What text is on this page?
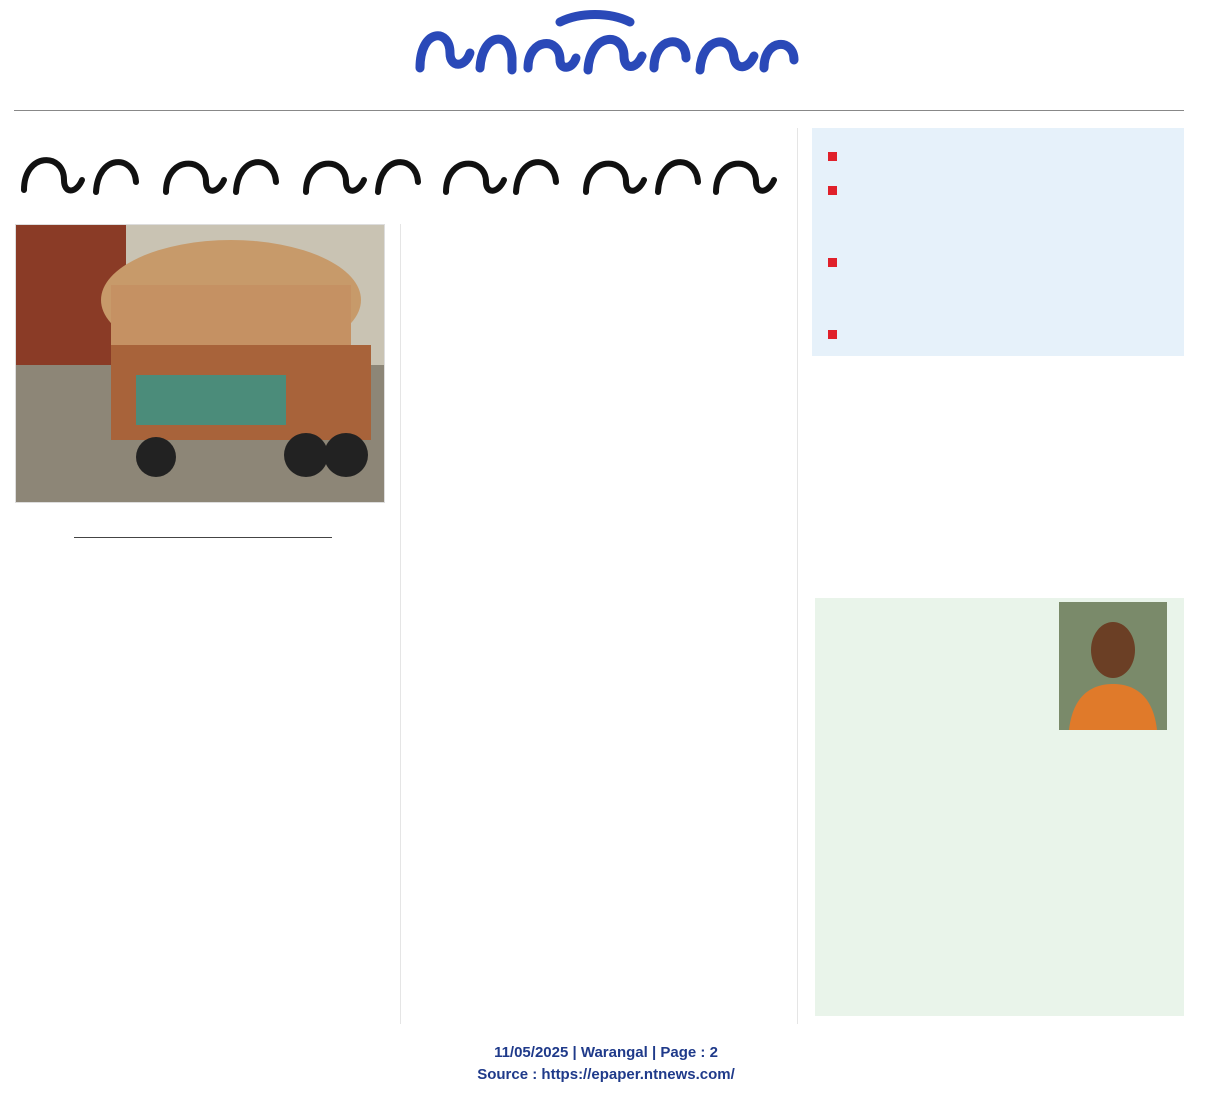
11/05/2025 | Warangal | Page : 2
Source : https://epaper.ntnews.com/
